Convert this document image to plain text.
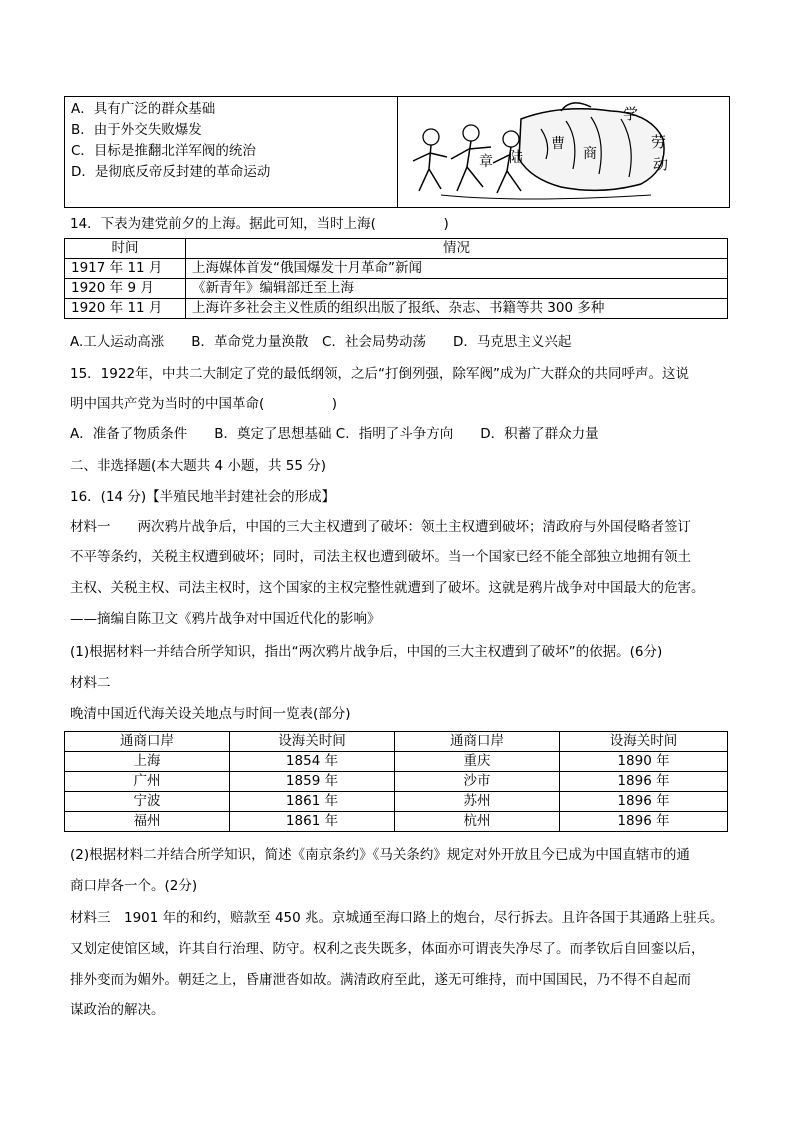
A．具有广泛的群众基础
B．由于外交失败爆发
C．目标是推翻北洋军阀的统治
D．是彻底反帝反封建的革命运动
学
劳
动
商
曹
陆
章
14．下表为建党前夕的上海。据此可知，当时上海(　　　　　)
时间	情况
1917 年 11 月	上海媒体首发“俄国爆发十月革命”新闻
1920 年 9 月	《新青年》编辑部迁至上海
1920 年 11 月	上海许多社会主义性质的组织出版了报纸、杂志、书籍等共 300 多种
A.工人运动高涨　　B．革命党力量涣散　C．社会局势动荡　　D．马克思主义兴起
15．1922年，中共二大制定了党的最低纲领，之后“打倒列强，除军阀”成为广大群众的共同呼声。这说
明中国共产党为当时的中国革命(　　　　　)
A．准备了物质条件　　B．奠定了思想基础 C．指明了斗争方向　　D．积蓄了群众力量
二、非选择题(本大题共 4 小题，共 55 分)
16．(14 分)【半殖民地半封建社会的形成】
材料一　　两次鸦片战争后，中国的三大主权遭到了破坏：领土主权遭到破坏；清政府与外国侵略者签订
不平等条约，关税主权遭到破坏；同时，司法主权也遭到破坏。当一个国家已经不能全部独立地拥有领土
主权、关税主权、司法主权时，这个国家的主权完整性就遭到了破坏。这就是鸦片战争对中国最大的危害。
——摘编自陈卫文《鸦片战争对中国近代化的影响》
(1)根据材料一并结合所学知识，指出“两次鸦片战争后，中国的三大主权遭到了破坏”的依据。(6分)
材料二
晚清中国近代海关设关地点与时间一览表(部分)
通商口岸	设海关时间	通商口岸	设海关时间
上海	1854 年	重庆	1890 年
广州	1859 年	沙市	1896 年
宁波	1861 年	苏州	1896 年
福州	1861 年	杭州	1896 年
(2)根据材料二并结合所学知识，简述《南京条约》《马关条约》规定对外开放且今已成为中国直辖市的通
商口岸各一个。(2分)
材料三　1901 年的和约，赔款至 450 兆。京城通至海口路上的炮台，尽行拆去。且许各国于其通路上驻兵。
又划定使馆区域，许其自行治理、防守。权利之丧失既多，体面亦可谓丧失净尽了。而孝钦后自回銮以后，
排外变而为媚外。朝廷之上，昏庸泄沓如故。满清政府至此，遂无可维持，而中国国民，乃不得不自起而
谋政治的解决。
